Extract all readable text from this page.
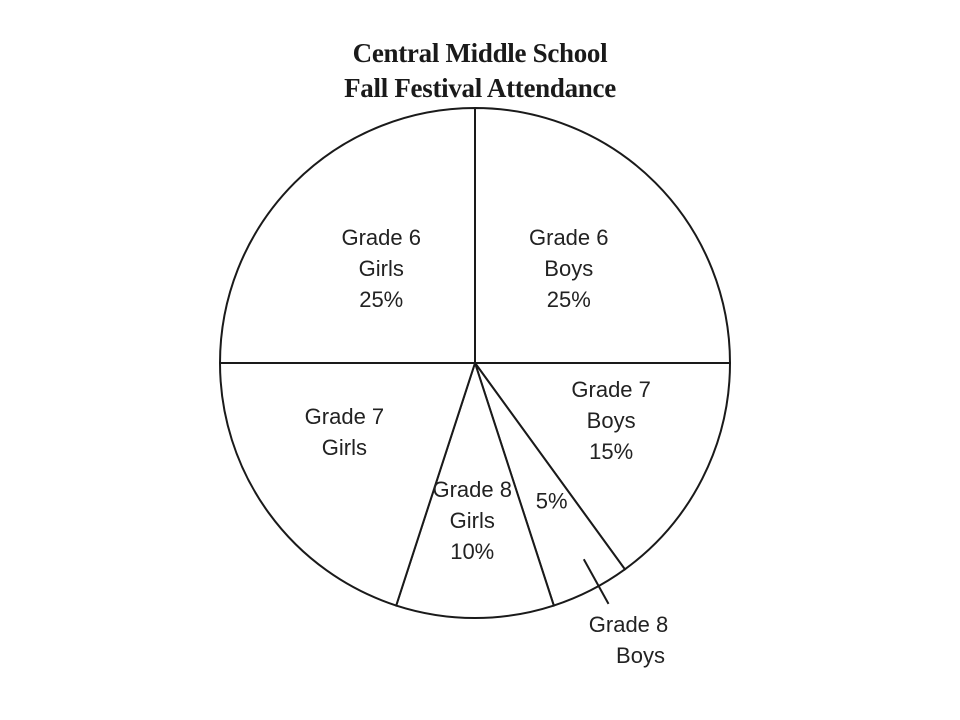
Central Middle School
Fall Festival Attendance
Grade 6 Boys 25%
Grade 7 Boys 15%
5%
Grade 8 Girls 10%
Grade 7 Girls
Grade 6 Girls 25%
Grade 8 Boys
